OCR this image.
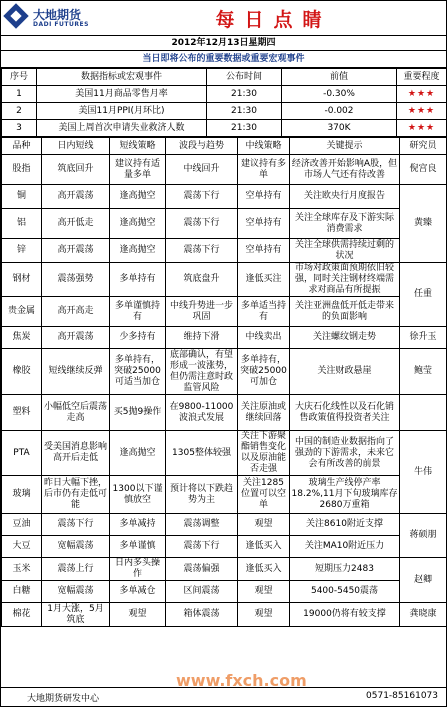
大地期货
DADI FUTURES	每日点睛
2012年12月13日星期四
当日即将公布的重要数据或重要宏观事件
序号	数据指标或宏观事件	公布时间	前值	重要程度
1	美国11月商品零售月率	21:30	-0.30%	★★★
2	美国11月PPI(月环比)	21:30	-0.002	★★★
3	美国上周首次申请失业救济人数	21:30	370K	★★★
品种	日内短线	短线策略	波段与趋势	中线策略	关键提示	研究员
股指	筑底回升	建议持有适量多单	中线回升	建议持有多单	经济改善开始影响A股，但市场人气还有待改善	倪宫良
铜	高开震荡	逢高抛空	震荡下行	空单持有	关注欧央行月度报告	黄臻
铝	高开低走	逢高抛空	震荡下行	空单持有	关注全球库存及下游实际消费需求	
锌	高开震荡	逢高抛空	震荡下行	空单持有	关注全球供需持续过剩的状况	
钢材	震荡强势	多单持有	筑底盘升	逢低买注	市场对政策面预期依旧较强，同时关注钢材终端需求对商品有所提振	任重
贵金属	高开高走	多单谨慎持有	中线升势进一步巩固	多单适当持有	关注亚洲盘低开低走带来的负面影响	
焦炭	高开震荡	少多持有	维持下滑	中线卖出	关注螺纹钢走势	徐升玉
橡胶	短线继续反弹	多单持有，突破25000可适当加仓	底部确认，有望形成一波涨势，但仍需注意时政监管风险	多单持有，突破25000可加仓	关注财政悬崖	鲍莹
塑料	小幅低空后震荡走高	买5抛9操作	在9800-11000波浪式发展	关注原油或继续回落	大庆石化线性以及石化销售政策值得投资者关注	
PTA	受美国消息影响高开后走低	逢高抛空	1305整体较强	关注下游聚酯销售变化以及原油能否走强	中国的制造业数据指向了强劲的下游需求，未来它会有所改善的前景	牛伟
玻璃	昨日大幅下挫，后市仍有走低可能	1300以下谨慎放空	预计将以下跌趋势为主	关注1285位置可以空单	玻璃生产线停产率18.2%,11月下旬玻璃库存2680万重箱	
豆油	震荡下行	多单减持	震荡调整	观望	关注8610附近支撑	蒋硕朋
大豆	宽幅震荡	多单谨慎	震荡下行	逢低买入	关注MA10附近压力	
玉米	震荡上行	日内多头操作	震荡偏强	逢低买入	短期压力2483	赵卿
白糖	宽幅震荡	多单减仓	区间震荡	观望	5400-5450震荡	
棉花	1月大涨，5月筑底	观望	箱体震荡	观望	19000仍将有较支撑	龚晓康
www.fxch.com
大地期货研发中心	0571-85161073
